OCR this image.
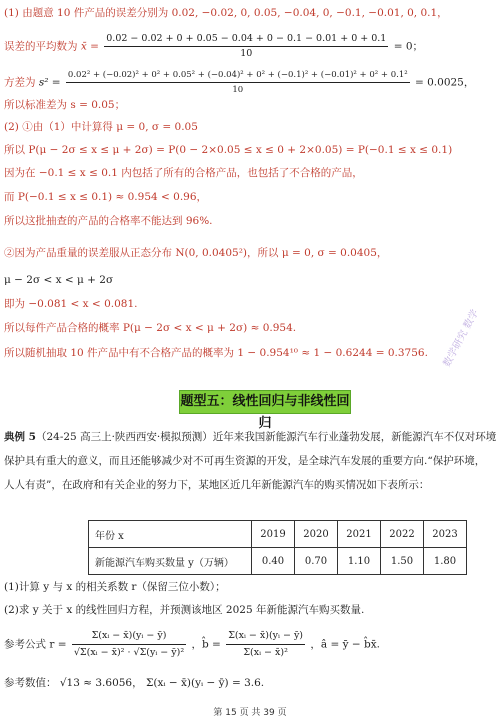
(1) 由题意 10 件产品的误差分别为 0.02, −0.02, 0, 0.05, −0.04, 0, −0.1, −0.01, 0, 0.1，
误差的平均数为 x̄ = $\frac{0.02 - 0.02 + 0 + 0.05 - 0.04 + 0 - 0.1 - 0.01 + 0 + 0.1}{10} = 0$；
方差为 s² =
0.02² + (−0.02)² + 0² + 0.05² + (−0.04)² + 0² + (−0.1)² + (−0.01)² + 0² + 0.1²
10
= 0.0025，
所以标准差为 s = 0.05；
(2) ①由（1）中计算得 μ = 0, σ = 0.05
所以 P(μ − 2σ ≤ x ≤ μ + 2σ) = P(0 − 2×0.05 ≤ x ≤ 0 + 2×0.05) = P(−0.1 ≤ x ≤ 0.1)
因为在 −0.1 ≤ x ≤ 0.1 内包括了所有的合格产品，也包括了不合格的产品，
而 P(−0.1 ≤ x ≤ 0.1) ≈ 0.954 < 0.96，
所以这批抽查的产品的合格率不能达到 96%.
②因为产品重量的误差服从正态分布 N(0, 0.0405²)，所以 μ = 0, σ = 0.0405，
μ − 2σ < x < μ + 2σ
即为 −0.081 < x < 0.081.
所以每件产品合格的概率 P(μ − 2σ < x < μ + 2σ) ≈ 0.954.
所以随机抽取 10 件产品中有不合格产品的概率为 1 − 0.954¹⁰ ≈ 1 − 0.6244 = 0.3756.	数学研究 数学
题型五：线性回归与非线性回归
典例 5（24-25 高三上·陕西西安·模拟预测）近年来我国新能源汽车行业蓬勃发展，新能源汽车不仅对环境
保护具有重大的意义，而且还能够减少对不可再生资源的开发，是全球汽车发展的重要方向.“保护环境，
人人有责”，在政府和有关企业的努力下，某地区近几年新能源汽车的购买情况如下表所示：
年份 x	2019	2020	2021	2022	2023
新能源汽车购买数量 y（万辆）	0.40	0.70	1.10	1.50	1.80
(1)计算 y 与 x 的相关系数 r（保留三位小数）；
(2)求 y 关于 x 的线性回归方程，并预测该地区 2025 年新能源汽车购买数量.
参考公式 $r = \frac{\text{Σ(xᵢ − x̄)(yᵢ − ȳ)}}{\text{√Σ(xᵢ − x̄)² · √Σ(yᵢ − ȳ)²}}$ ，b̂ = $\frac{\text{Σ(xᵢ − x̄)(yᵢ − ȳ)}}{\text{Σ(xᵢ − x̄)²}}$ ，â = ȳ − b̂x̄.
参考数值： √13 ≈ 3.6056， Σ(xᵢ − x̄)(yᵢ − ȳ) = 3.6.
第 15 页 共 39 页
